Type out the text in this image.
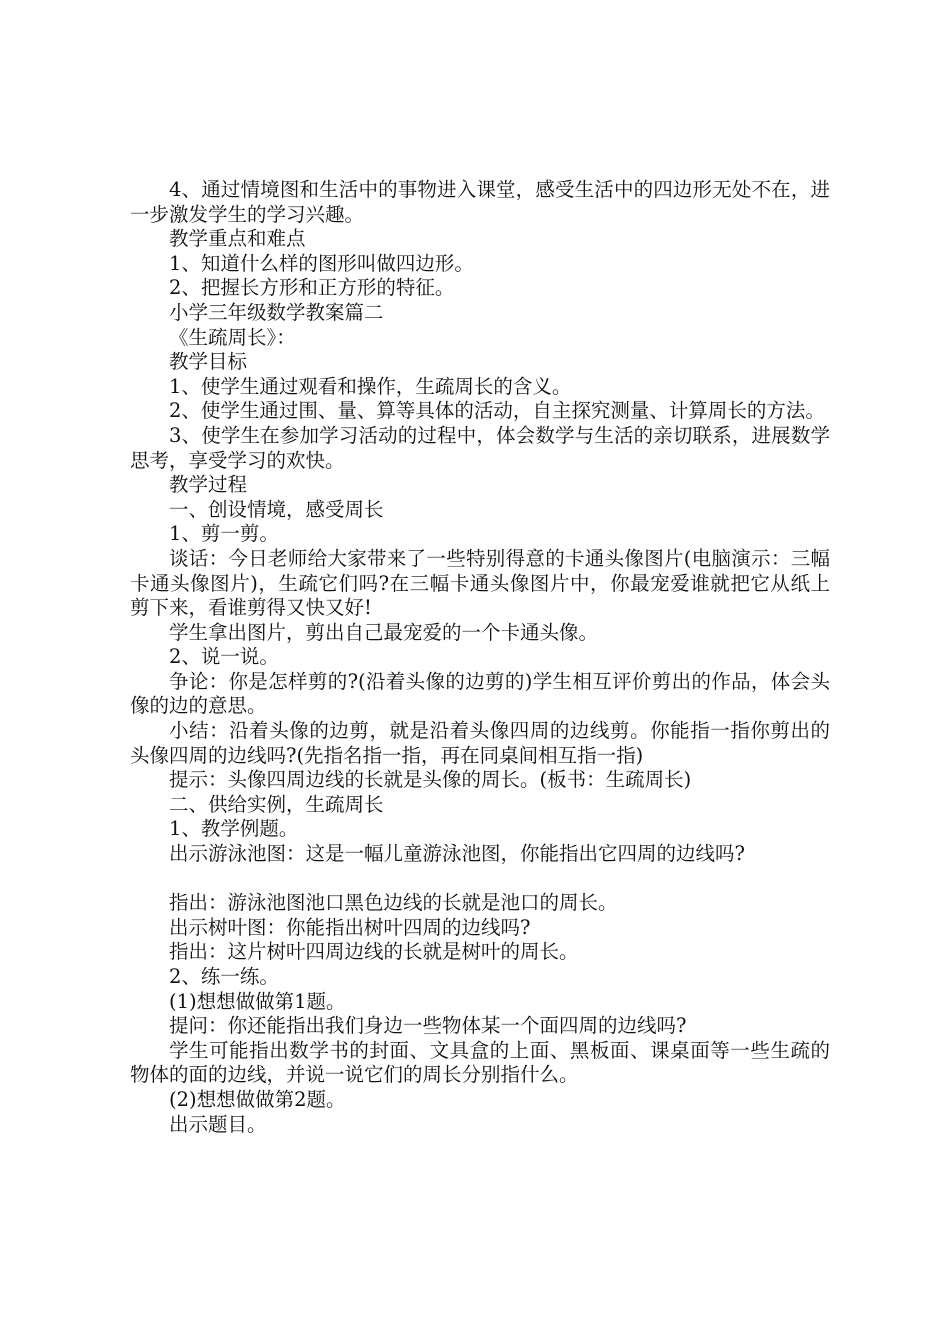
4、通过情境图和生活中的事物进入课堂，感受生活中的四边形无处不在，进一步激发学生的学习兴趣。

教学重点和难点

1、知道什么样的图形叫做四边形。

2、把握长方形和正方形的特征。

小学三年级数学教案篇二

《生疏周长》：

教学目标

1、使学生通过观看和操作，生疏周长的含义。

2、使学生通过围、量、算等具体的活动，自主探究测量、计算周长的方法。

3、使学生在参加学习活动的过程中，体会数学与生活的亲切联系，进展数学思考，享受学习的欢快。

教学过程

一、创设情境，感受周长

1、剪一剪。

谈话：今日老师给大家带来了一些特别得意的卡通头像图片(电脑演示：三幅卡通头像图片)，生疏它们吗?在三幅卡通头像图片中，你最宠爱谁就把它从纸上剪下来，看谁剪得又快又好!

学生拿出图片，剪出自己最宠爱的一个卡通头像。

2、说一说。

争论：你是怎样剪的?(沿着头像的边剪的)学生相互评价剪出的作品，体会头像的边的意思。

小结：沿着头像的边剪，就是沿着头像四周的边线剪。你能指一指你剪出的头像四周的边线吗?(先指名指一指，再在同桌间相互指一指)

提示：头像四周边线的长就是头像的周长。(板书：生疏周长)

二、供给实例，生疏周长

1、教学例题。

出示游泳池图：这是一幅儿童游泳池图，你能指出它四周的边线吗?

指出：游泳池图池口黑色边线的长就是池口的周长。

出示树叶图：你能指出树叶四周的边线吗?

指出：这片树叶四周边线的长就是树叶的周长。

2、练一练。

(1)想想做做第1题。

提问：你还能指出我们身边一些物体某一个面四周的边线吗?

学生可能指出数学书的封面、文具盒的上面、黑板面、课桌面等一些生疏的物体的面的边线，并说一说它们的周长分别指什么。

(2)想想做做第2题。

出示题目。
